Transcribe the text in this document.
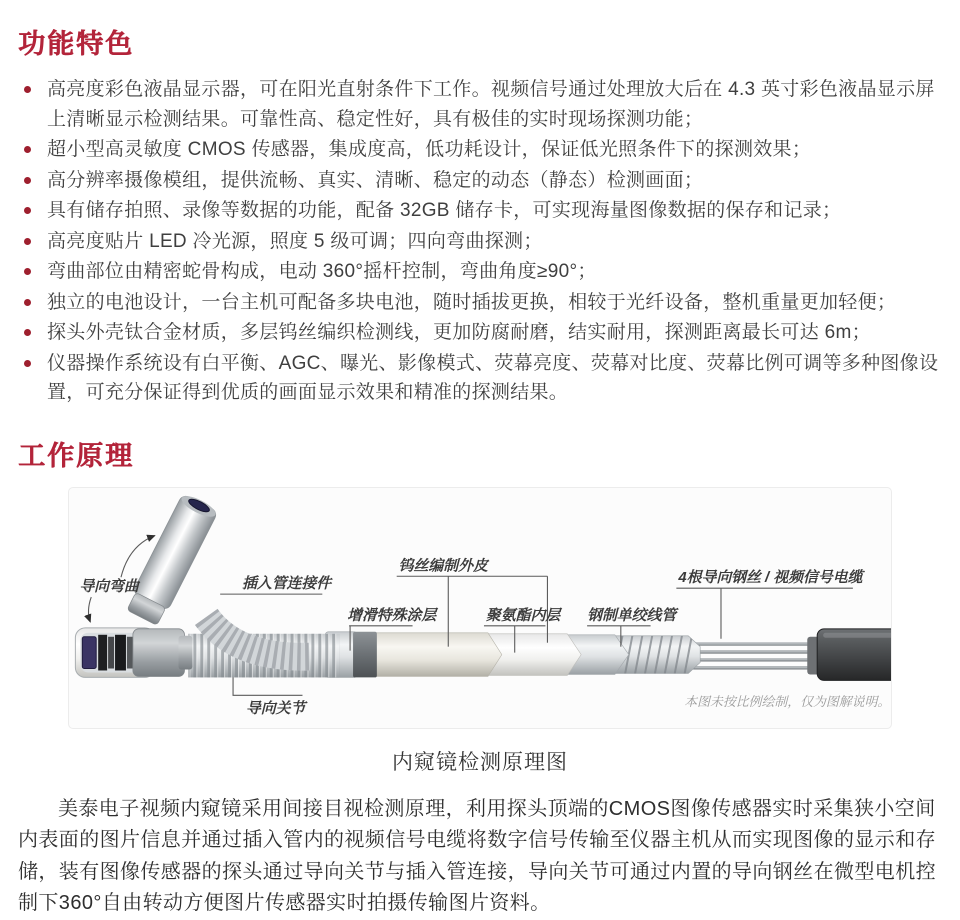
功能特色
高亮度彩色液晶显示器，可在阳光直射条件下工作。视频信号通过处理放大后在 4.3 英寸彩色液晶显示屏上清晰显示检测结果。可靠性高、稳定性好，具有极佳的实时现场探测功能；
超小型高灵敏度 CMOS 传感器，集成度高，低功耗设计，保证低光照条件下的探测效果；
高分辨率摄像模组，提供流畅、真实、清晰、稳定的动态（静态）检测画面；
具有储存拍照、录像等数据的功能，配备 32GB 储存卡，可实现海量图像数据的保存和记录；
高亮度贴片 LED 冷光源，照度 5 级可调；四向弯曲探测；
弯曲部位由精密蛇骨构成，电动 360°摇杆控制，弯曲角度≥90°；
独立的电池设计，一台主机可配备多块电池，随时插拔更换，相较于光纤设备，整机重量更加轻便；
探头外壳钛合金材质，多层钨丝编织检测线，更加防腐耐磨，结实耐用，探测距离最长可达 6m；
仪器操作系统设有白平衡、AGC、曝光、影像模式、荧幕亮度、荧幕对比度、荧幕比例可调等多种图像设置，可充分保证得到优质的画面显示效果和精准的探测结果。
工作原理
导向弯曲	插入管连接件
钨丝编制外皮
增滑特殊涂层	聚氨酯内层 钢制单绞线管
4根导向钢丝 / 视频信号电缆
导向关节	本图未按比例绘制，仅为图解说明。
内窥镜检测原理图

美泰电子视频内窥镜采用间接目视检测原理，利用探头顶端的CMOS图像传感器实时采集狭小空间内表面的图片信息并通过插入管内的视频信号电缆将数字信号传输至仪器主机从而实现图像的显示和存储，装有图像传感器的探头通过导向关节与插入管连接，导向关节可通过内置的导向钢丝在微型电机控制下360°自由转动方便图片传感器实时拍摄传输图片资料。
